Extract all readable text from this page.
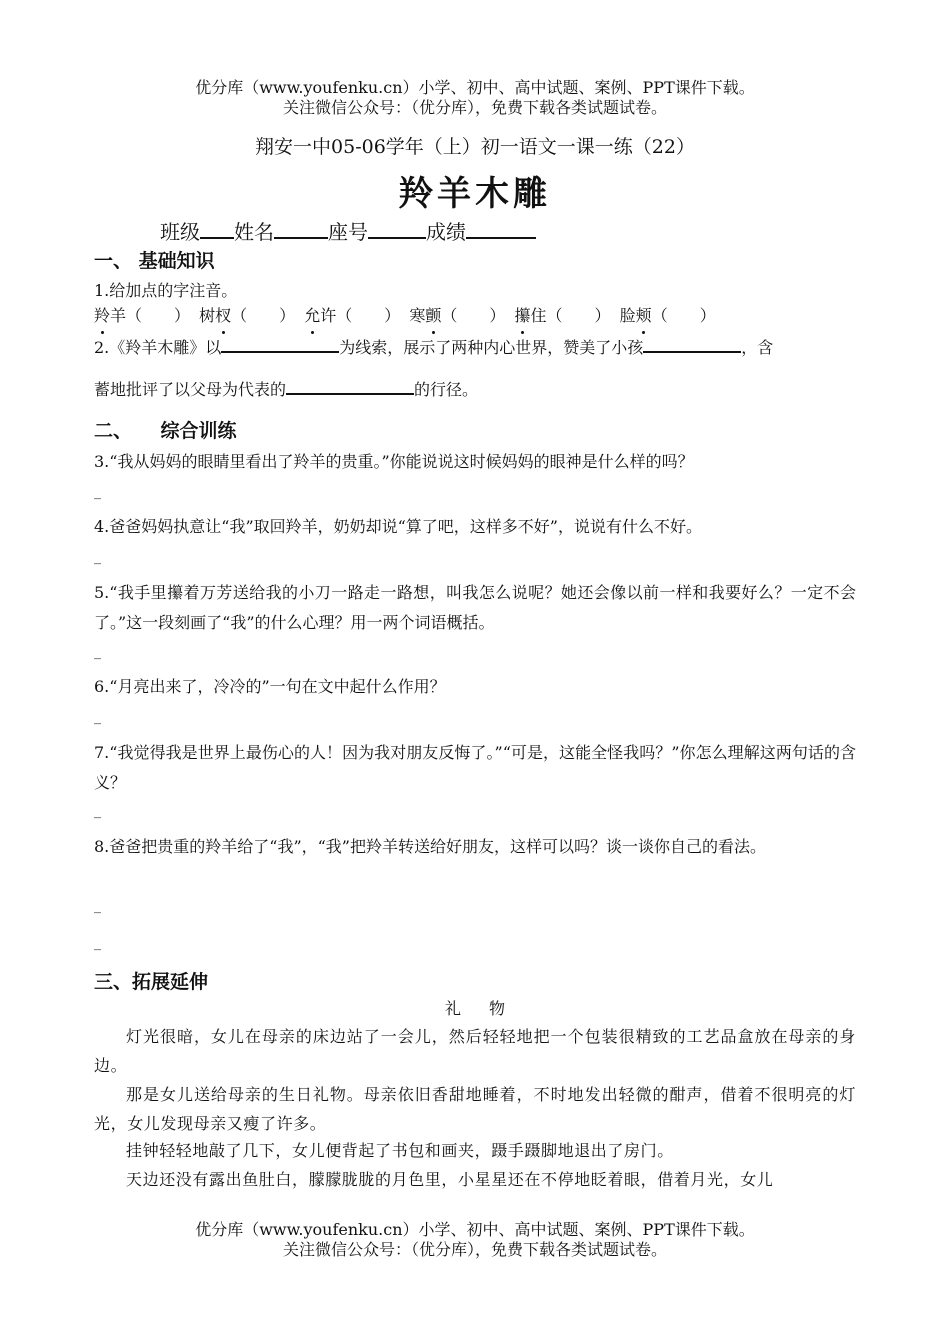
优分库（www.youfenku.cn）小学、初中、高中试题、案例、PPT课件下载。
关注微信公众号：（优分库），免费下载各类试题试卷。
翔安一中05-06学年（上）初一语文一课一练（22）
羚羊木雕
班级 姓名	座号	成绩
一、 基础知识
1.给加点的字注音。
羚羊（　　） 树杈（　　） 允许（　　） 寒颤（　　） 攥住（　　） 脸颊（　　）
2.《羚羊木雕》以	为线索，展示了两种内心世界，赞美了小孩	，含
蓄地批评了以父母为代表的	的行径。
二、　　综合训练
3.“我从妈妈的眼睛里看出了羚羊的贵重。”你能说说这时候妈妈的眼神是什么样的吗？
_
4.爸爸妈妈执意让“我”取回羚羊，奶奶却说“算了吧，这样多不好”，说说有什么不好。
_
5.“我手里攥着万芳送给我的小刀一路走一路想，叫我怎么说呢？她还会像以前一样和我要好么？一定不会了。”这一段刻画了“我”的什么心理？用一两个词语概括。
_
6.“月亮出来了，冷冷的”一句在文中起什么作用？
_
7.“我觉得我是世界上最伤心的人！因为我对朋友反悔了。”“可是，这能全怪我吗？”你怎么理解这两句话的含义？
_
8.爸爸把贵重的羚羊给了“我”，“我”把羚羊转送给好朋友，这样可以吗？谈一谈你自己的看法。
_
_
三、拓展延伸
礼物
灯光很暗，女儿在母亲的床边站了一会儿，然后轻轻地把一个包装很精致的工艺品盒放在母亲的身边。
那是女儿送给母亲的生日礼物。母亲依旧香甜地睡着，不时地发出轻微的酣声，借着不很明亮的灯光，女儿发现母亲又瘦了许多。
挂钟轻轻地敲了几下，女儿便背起了书包和画夹，蹑手蹑脚地退出了房门。
天边还没有露出鱼肚白，朦朦胧胧的月色里，小星星还在不停地眨着眼，借着月光，女儿
优分库（www.youfenku.cn）小学、初中、高中试题、案例、PPT课件下载。
关注微信公众号：（优分库），免费下载各类试题试卷。
